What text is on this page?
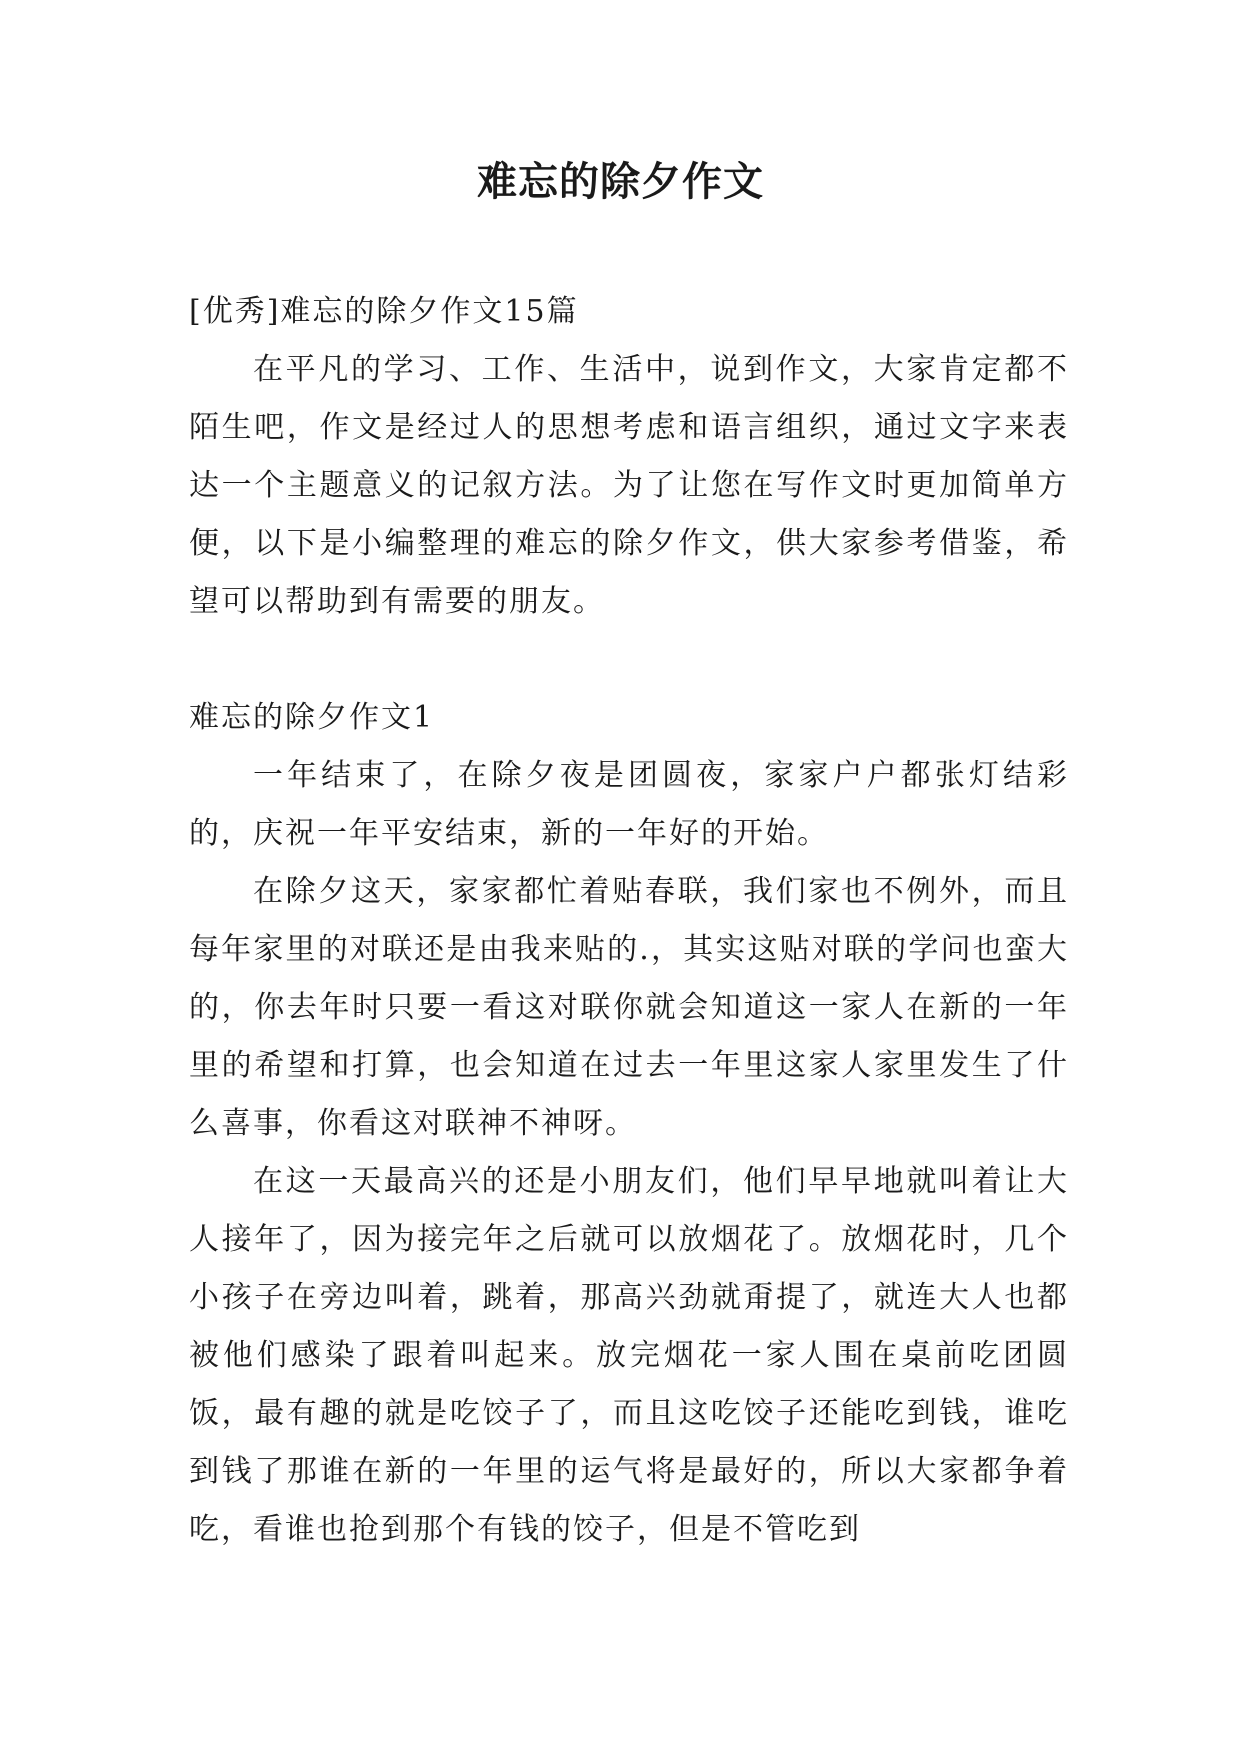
难忘的除夕作文

[优秀]难忘的除夕作文15篇

在平凡的学习、工作、生活中，说到作文，大家肯定都不陌生吧，作文是经过人的思想考虑和语言组织，通过文字来表达一个主题意义的记叙方法。为了让您在写作文时更加简单方便，以下是小编整理的难忘的除夕作文，供大家参考借鉴，希望可以帮助到有需要的朋友。

难忘的除夕作文1

一年结束了，在除夕夜是团圆夜，家家户户都张灯结彩的，庆祝一年平安结束，新的一年好的开始。

在除夕这天，家家都忙着贴春联，我们家也不例外，而且每年家里的对联还是由我来贴的.，其实这贴对联的学问也蛮大的，你去年时只要一看这对联你就会知道这一家人在新的一年里的希望和打算，也会知道在过去一年里这家人家里发生了什么喜事，你看这对联神不神呀。

在这一天最高兴的还是小朋友们，他们早早地就叫着让大人接年了，因为接完年之后就可以放烟花了。放烟花时，几个小孩子在旁边叫着，跳着，那高兴劲就甭提了，就连大人也都被他们感染了跟着叫起来。放完烟花一家人围在桌前吃团圆饭，最有趣的就是吃饺子了，而且这吃饺子还能吃到钱，谁吃到钱了那谁在新的一年里的运气将是最好的，所以大家都争着吃，看谁也抢到那个有钱的饺子，但是不管吃到
